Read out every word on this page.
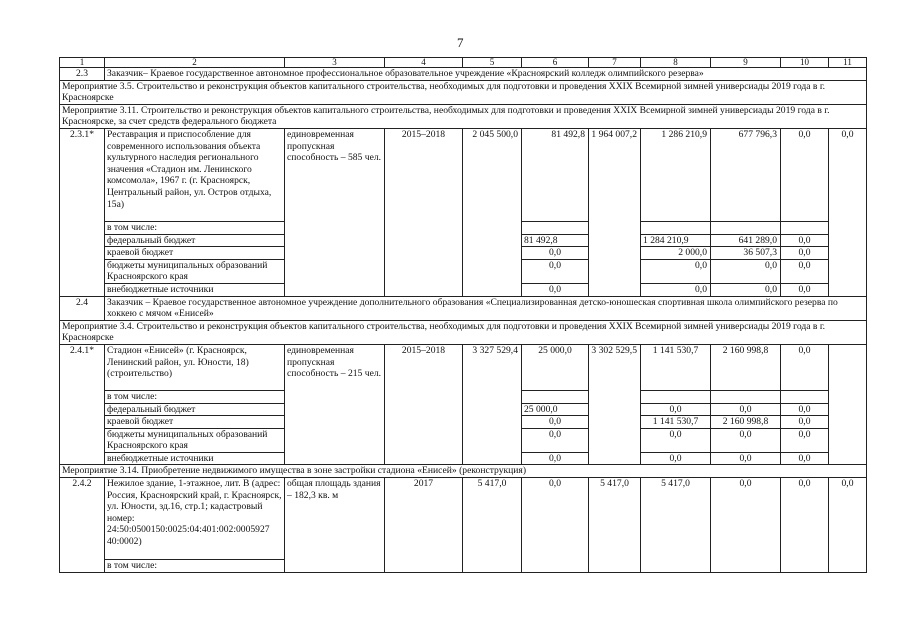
7
1	2	3	4	5	6	7	8	9	10	11
2.3	Заказчик– Краевое государственное автономное профессиональное образовательное учреждение «Красноярский колледж олимпийского резерва»									
Мероприятие 3.5. Строительство и реконструкция объектов капитального строительства, необходимых для подготовки и проведения XXIX Всемирной зимней универсиады 2019 года в г. Красноярске										
Мероприятие 3.11. Строительство и реконструкция объектов капитального строительства, необходимых для подготовки и проведения XXIX Всемирной зимней универсиады 2019 года в г. Красноярске, за счет средств федерального бюджета										
2.3.1*	Реставрация и приспособление для современного использования объекта культурного наследия регионального значения «Стадион им. Ленинского комсомола», 1967 г. (г. Красноярск, Центральный район, ул. Остров отдыха, 15а)	единовременная пропускная способность – 585 чел.	2015–2018	2 045 500,0	81 492,8	1 964 007,2	1 286 210,9	677 796,3	0,0	0,0
	в том числе:									
	федеральный бюджет				81 492,8		1 284 210,9	641 289,0	0,0	
	краевой бюджет				0,0		2 000,0	36 507,3	0,0	
	бюджеты муниципальных образований Красноярского края				0,0		0,0	0,0	0,0	
	внебюджетные источники				0,0		0,0	0,0	0,0	
2.4	Заказчик – Краевое государственное автономное учреждение дополнительного образования «Специализированная детско-юношеская спортивная школа олимпийского резерва по хоккею с мячом «Енисей»									
Мероприятие 3.4. Строительство и реконструкция объектов капитального строительства, необходимых для подготовки и проведения XXIX Всемирной зимней универсиады 2019 года в г. Красноярске										
2.4.1*	Стадион «Енисей» (г. Красноярск, Ленинский район, ул. Юности, 18) (строительство)	единовременная пропускная способность – 215 чел.	2015–2018	3 327 529,4	25 000,0	3 302 529,5	1 141 530,7	2 160 998,8	0,0	
	в том числе:									
	федеральный бюджет				25 000,0		0,0	0,0	0,0	
	краевой бюджет				0,0		1 141 530,7	2 160 998,8	0,0	
	бюджеты муниципальных образований Красноярского края				0,0		0,0	0,0	0,0	
	внебюджетные источники				0,0		0,0	0,0	0,0	
Мероприятие 3.14. Приобретение недвижимого имущества в зоне застройки стадиона «Енисей» (реконструкция)										
2.4.2	Нежилое здание, 1-этажное, лит. В (адрес: Россия, Красноярский край, г. Красноярск, ул. Юности, зд.16, стр.1; кадастровый номер: 24:50:0500150:0025:04:401:002:0005927 40:0002)	общая площадь здания – 182,3 кв. м	2017	5 417,0	0,0	5 417,0	5 417,0	0,0	0,0	0,0
	в том числе:									
